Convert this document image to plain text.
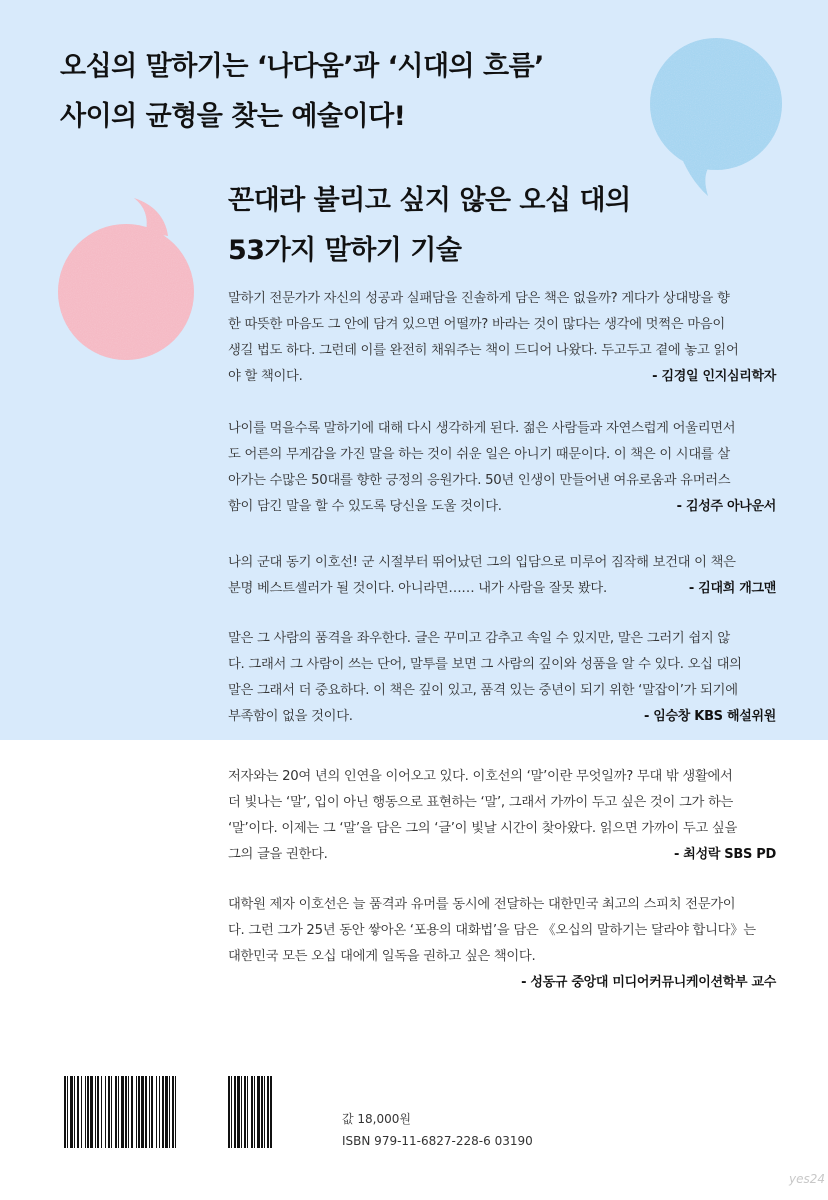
오십의 말하기는 ‘나다움’과 ‘시대의 흐름’
사이의 균형을 찾는 예술이다!
꼰대라 불리고 싶지 않은 오십 대의
53가지 말하기 기술

말하기 전문가가 자신의 성공과 실패담을 진솔하게 담은 책은 없을까? 게다가 상대방을 향

한 따뜻한 마음도 그 안에 담겨 있으면 어떨까? 바라는 것이 많다는 생각에 멋쩍은 마음이

생길 법도 하다. 그런데 이를 완전히 채워주는 책이 드디어 나왔다. 두고두고 곁에 놓고 읽어

야 할 책이다.	- 김경일 인지심리학자

나이를 먹을수록 말하기에 대해 다시 생각하게 된다. 젊은 사람들과 자연스럽게 어울리면서

도 어른의 무게감을 가진 말을 하는 것이 쉬운 일은 아니기 때문이다. 이 책은 이 시대를 살

아가는 수많은 50대를 향한 긍정의 응원가다. 50년 인생이 만들어낸 여유로움과 유머러스

함이 담긴 말을 할 수 있도록 당신을 도울 것이다.	- 김성주 아나운서

나의 군대 동기 이호선! 군 시절부터 뛰어났던 그의 입담으로 미루어 짐작해 보건대 이 책은

분명 베스트셀러가 될 것이다. 아니라면…… 내가 사람을 잘못 봤다.	- 김대희 개그맨

말은 그 사람의 품격을 좌우한다. 글은 꾸미고 감추고 속일 수 있지만, 말은 그러기 쉽지 않

다. 그래서 그 사람이 쓰는 단어, 말투를 보면 그 사람의 깊이와 성품을 알 수 있다. 오십 대의

말은 그래서 더 중요하다. 이 책은 깊이 있고, 품격 있는 중년이 되기 위한 ‘말잡이’가 되기에

부족함이 없을 것이다.	- 임승창 KBS 해설위원

저자와는 20여 년의 인연을 이어오고 있다. 이호선의 ‘말’이란 무엇일까? 무대 밖 생활에서

더 빛나는 ‘말’, 입이 아닌 행동으로 표현하는 ‘말’, 그래서 가까이 두고 싶은 것이 그가 하는

‘말’이다. 이제는 그 ‘말’을 담은 그의 ‘글’이 빛날 시간이 찾아왔다. 읽으면 가까이 두고 싶을

그의 글을 권한다.	- 최성락 SBS PD

대학원 제자 이호선은 늘 품격과 유머를 동시에 전달하는 대한민국 최고의 스피치 전문가이

다. 그런 그가 25년 동안 쌓아온 ‘포용의 대화법’을 담은 《오십의 말하기는 달라야 합니다》는

대한민국 모든 오십 대에게 일독을 권하고 싶은 책이다.

- 성동규 중앙대 미디어커뮤니케이션학부 교수

값 18,000원
ISBN 979-11-6827-228-6 03190
yes24
